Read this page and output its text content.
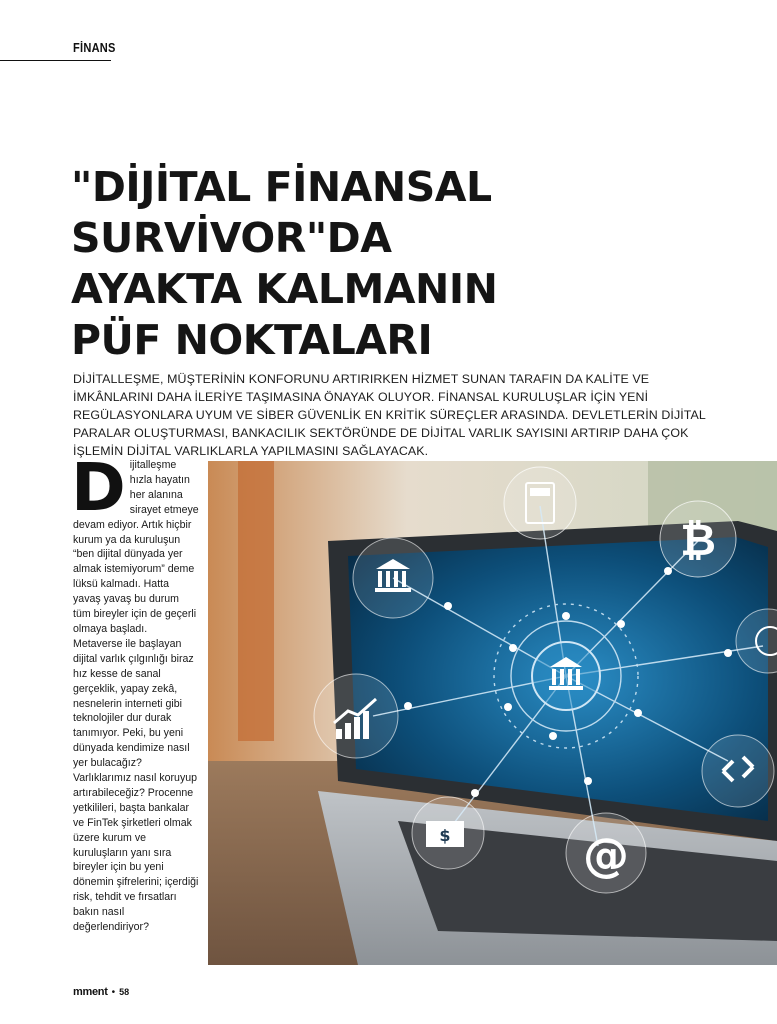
FİNANS
"DİJİTAL FİNANSAL
SURVİVOR"DA
AYAKTA KALMANIN
PÜF NOKTALARI

DİJİTALLEŞME, MÜŞTERİNİN KONFORUNU ARTIRIRKEN HİZMET SUNAN TARAFIN DA KALİTE VE İMKÂNLARINI DAHA İLERİYE TAŞIMASINA ÖNAYAK OLUYOR. FİNANSAL KURULUŞLAR İÇİN YENİ REGÜLASYONLARA UYUM VE SİBER GÜVENLİK EN KRİTİK SÜREÇLER ARASINDA. DEVLETLERİN DİJİTAL PARALAR OLUŞTURMASI, BANKACILIK SEKTÖRÜNDE DE DİJİTAL VARLIK SAYISINI ARTIRIP DAHA ÇOK İŞLEMİN DİJİTAL VARLIKLARLA YAPILMASINI SAĞLAYACAK.

D ijitalleşme hızla hayatın her alanına sirayet etmeye devam ediyor. Artık hiçbir kurum ya da kuruluşun “ben dijital dünyada yer almak istemiyorum” deme lüksü kalmadı. Hatta yavaş yavaş bu durum tüm bireyler için de geçerli olmaya başladı. Metaverse ile başlayan dijital varlık çılgınlığı biraz hız kesse de sanal gerçeklik, yapay zekâ, nesnelerin interneti gibi teknolojiler dur durak tanımıyor. Peki, bu yeni dünyada kendimize nasıl yer bulacağız? Varlıklarımız nasıl koruyup artırabileceğiz? Procenne yetkilileri, başta bankalar ve FinTek şirketleri olmak üzere kurum ve kuruluşların yanı sıra bireyler için bu yeni dönemin şifrelerini; içerdiği risk, tehdit ve fırsatları bakın nasıl değerlendiriyor?

₿
$	@
mment • 58
